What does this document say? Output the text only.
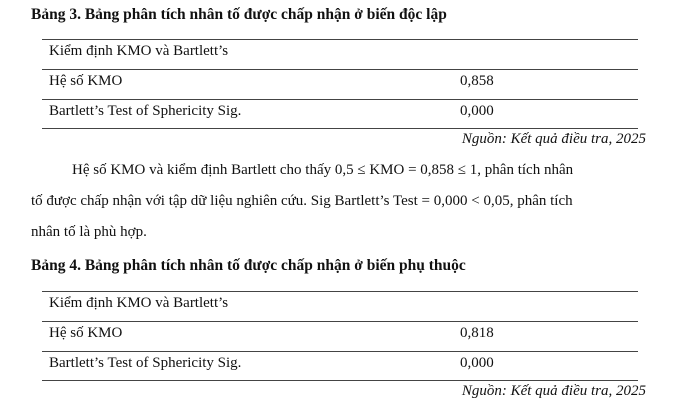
Bảng 3. Bảng phân tích nhân tố được chấp nhận ở biến độc lập
Kiểm định KMO và Bartlett’s
Hệ số KMO	0,858
Bartlett’s Test of Sphericity Sig.	0,000
Nguồn: Kết quả điều tra, 2025
Hệ số KMO và kiểm định Bartlett cho thấy 0,5 ≤ KMO = 0,858 ≤ 1, phân tích nhân
tố được chấp nhận với tập dữ liệu nghiên cứu. Sig Bartlett’s Test = 0,000 < 0,05, phân tích
nhân tố là phù hợp.
Bảng 4. Bảng phân tích nhân tố được chấp nhận ở biến phụ thuộc
Kiểm định KMO và Bartlett’s
Hệ số KMO	0,818
Bartlett’s Test of Sphericity Sig.	0,000
Nguồn: Kết quả điều tra, 2025
